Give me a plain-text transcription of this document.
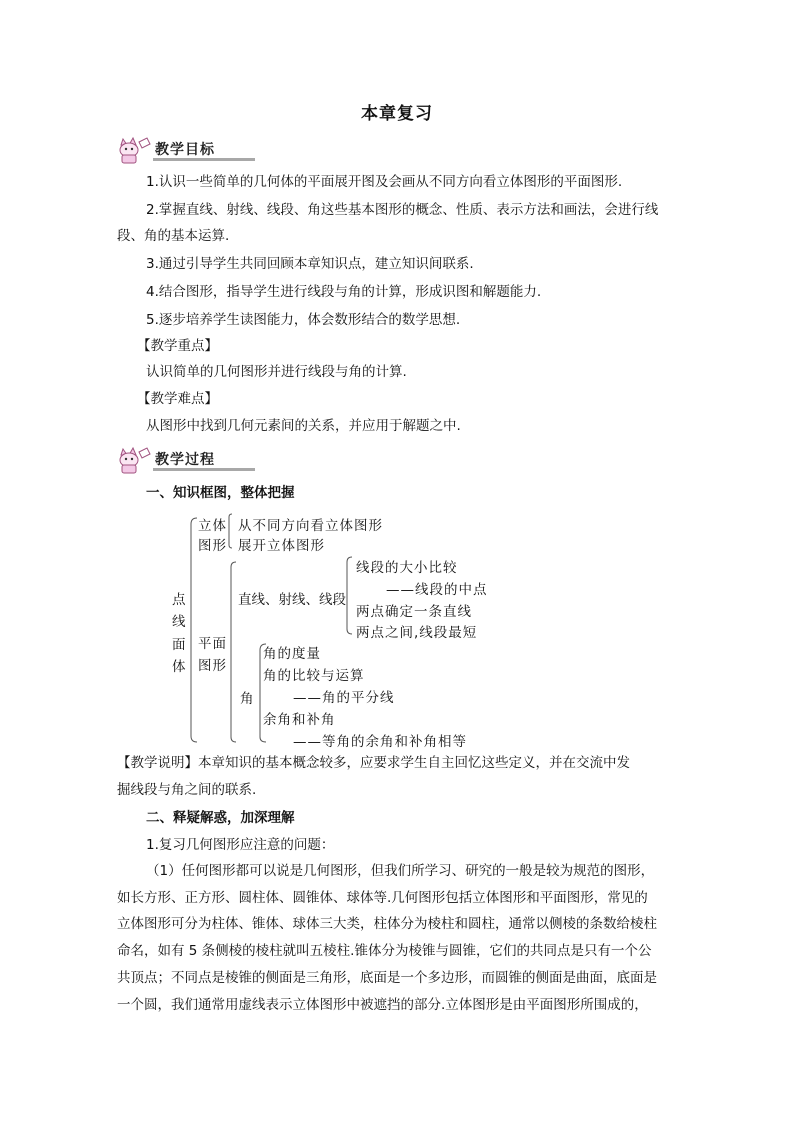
本章复习
教学目标
1.认识一些简单的几何体的平面展开图及会画从不同方向看立体图形的平面图形.
2.掌握直线、射线、线段、角这些基本图形的概念、性质、表示方法和画法，会进行线
段、角的基本运算.
3.通过引导学生共同回顾本章知识点，建立知识间联系.
4.结合图形，指导学生进行线段与角的计算，形成识图和解题能力.
5.逐步培养学生读图能力，体会数形结合的数学思想.
【教学重点】
认识简单的几何图形并进行线段与角的计算.
【教学难点】
从图形中找到几何元素间的关系，并应用于解题之中.
教学过程
一、知识框图，整体把握
点
线
面
体
立体
图形
从不同方向看立体图形
展开立体图形
平面
图形
直线、射线、线段
线段的大小比较
——线段的中点
两点确定一条直线
两点之间,线段最短
角
角的度量
角的比较与运算
——角的平分线
余角和补角
——等角的余角和补角相等
【教学说明】本章知识的基本概念较多，应要求学生自主回忆这些定义，并在交流中发
掘线段与角之间的联系.
二、释疑解惑，加深理解
1.复习几何图形应注意的问题：
（1）任何图形都可以说是几何图形，但我们所学习、研究的一般是较为规范的图形，
如长方形、正方形、圆柱体、圆锥体、球体等.几何图形包括立体图形和平面图形，常见的
立体图形可分为柱体、锥体、球体三大类，柱体分为棱柱和圆柱，通常以侧棱的条数给棱柱
命名，如有 5 条侧棱的棱柱就叫五棱柱.锥体分为棱锥与圆锥，它们的共同点是只有一个公
共顶点；不同点是棱锥的侧面是三角形，底面是一个多边形，而圆锥的侧面是曲面，底面是
一个圆，我们通常用虚线表示立体图形中被遮挡的部分.立体图形是由平面图形所围成的，
